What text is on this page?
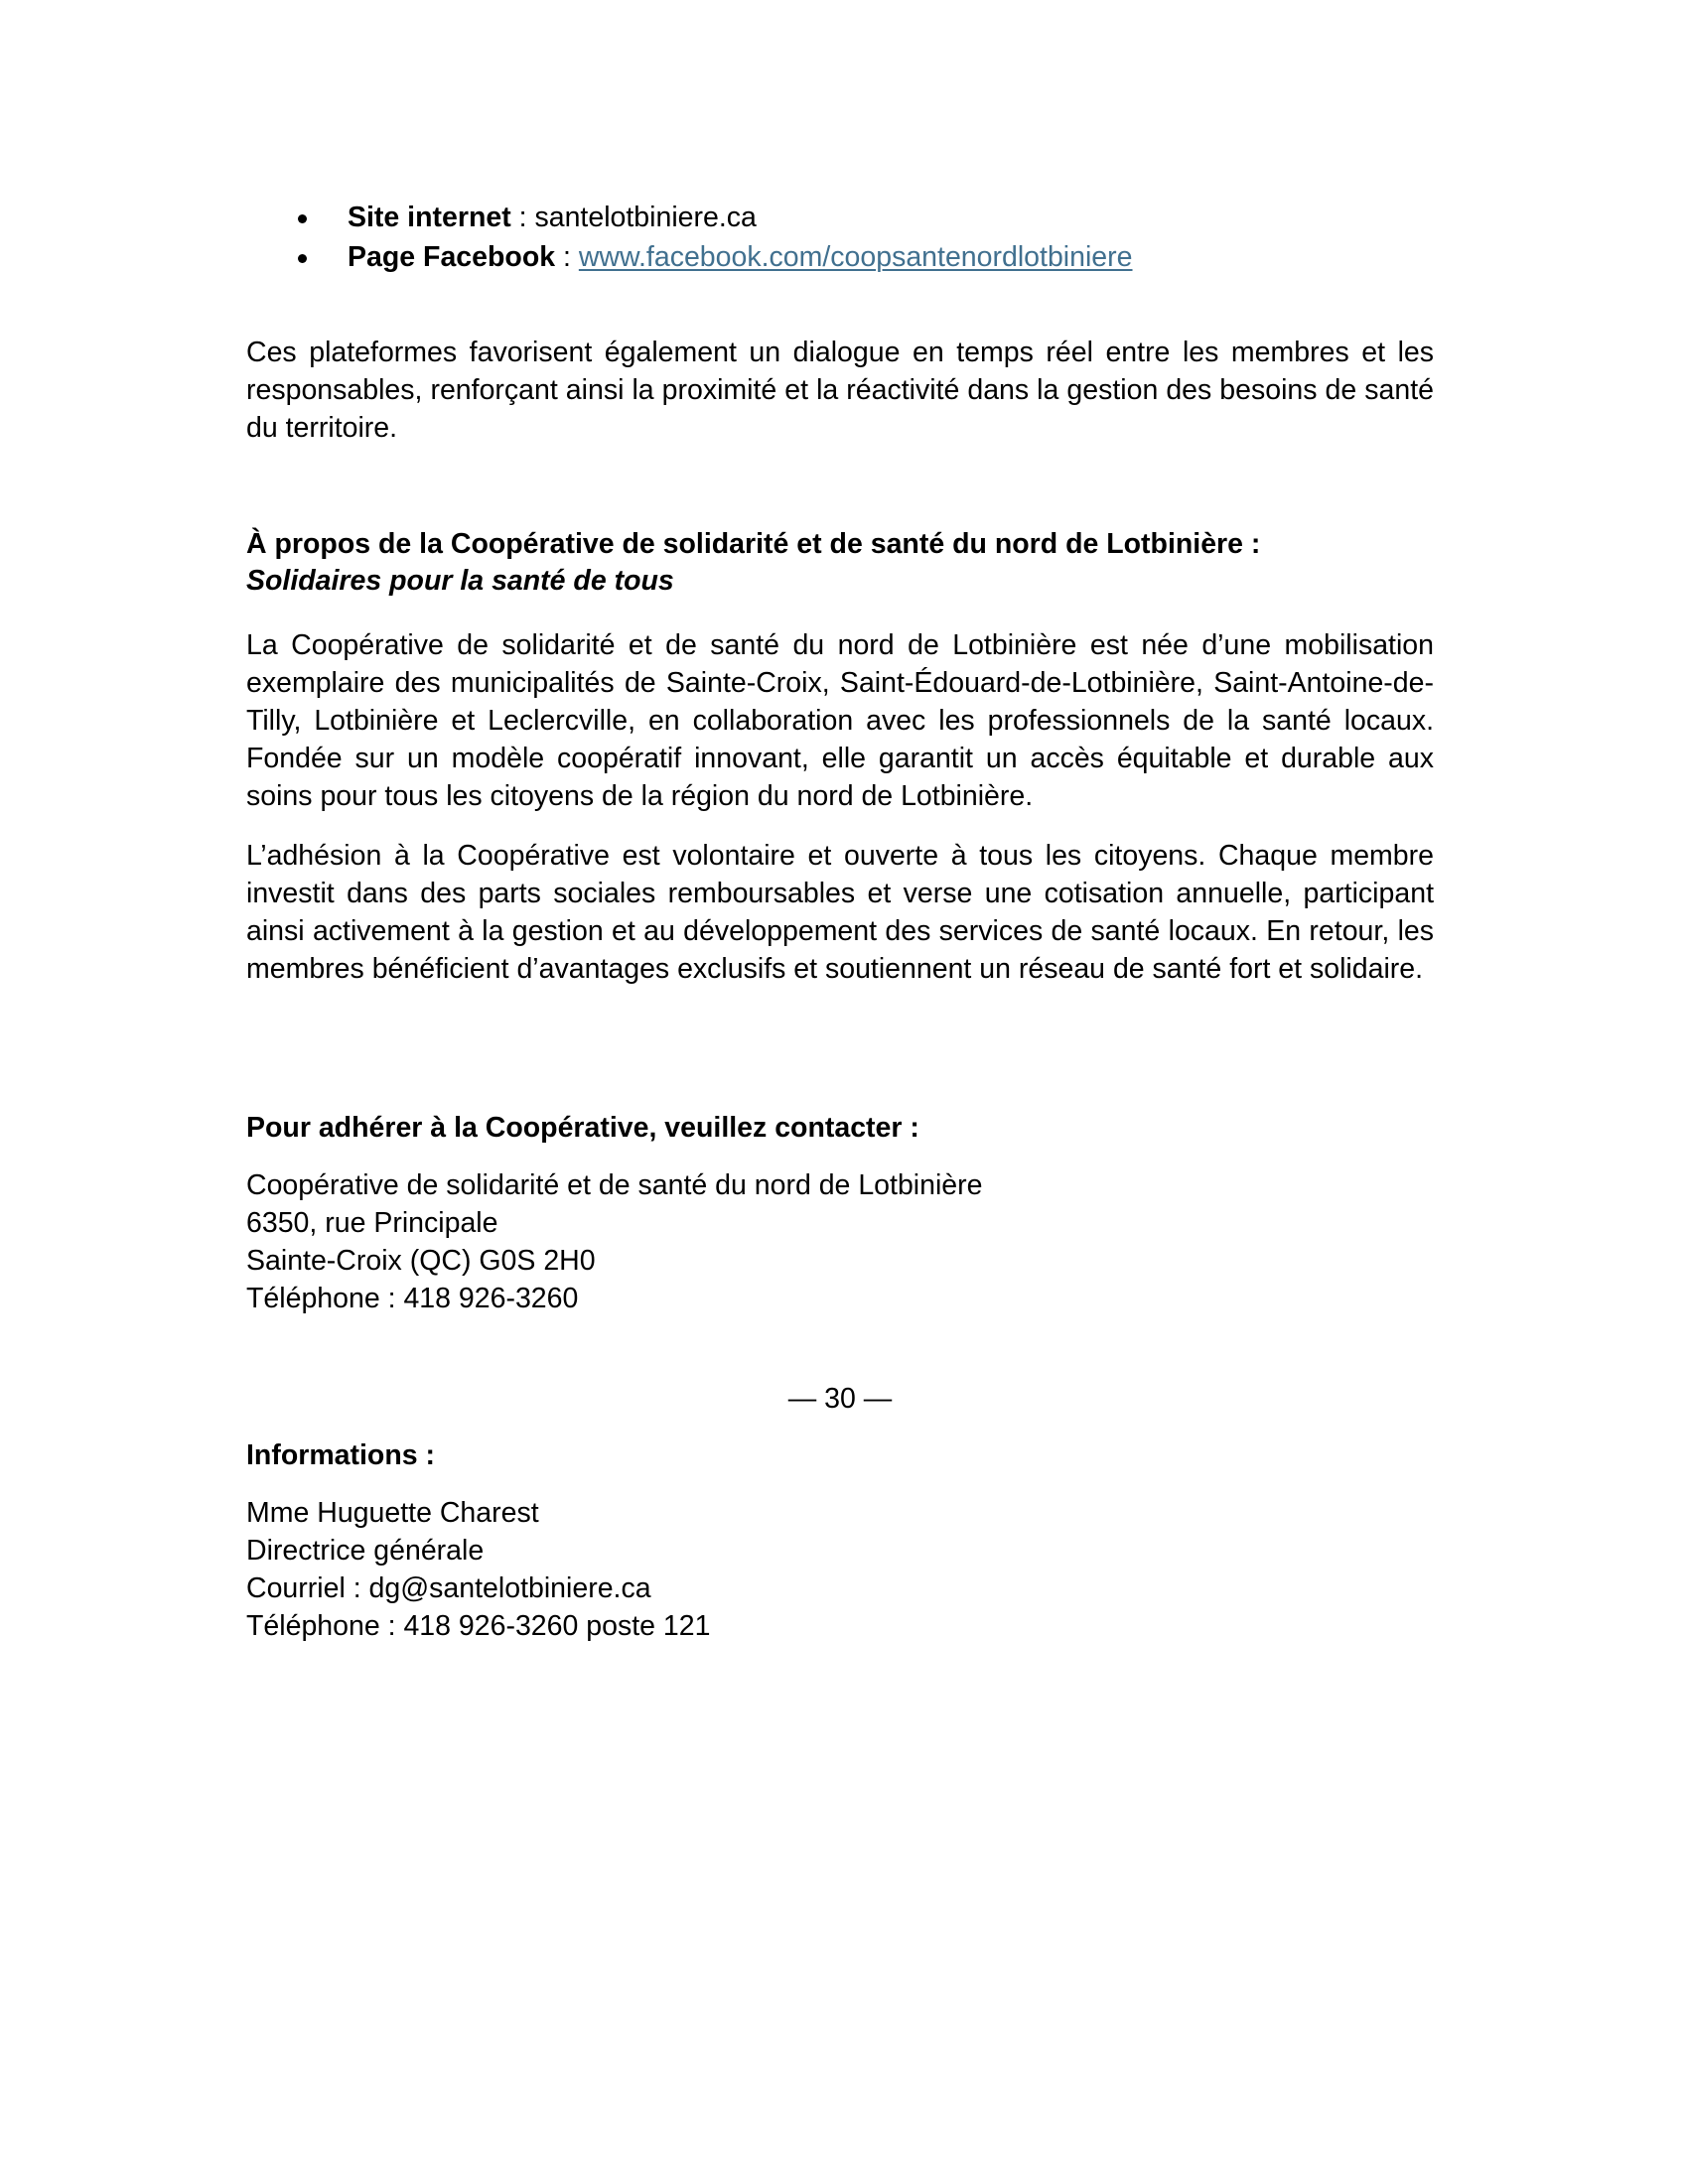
Site internet : santelotbiniere.ca
Page Facebook : www.facebook.com/coopsantenordlotbiniere

Ces plateformes favorisent également un dialogue en temps réel entre les membres et les responsables, renforçant ainsi la proximité et la réactivité dans la gestion des besoins de santé du territoire.

À propos de la Coopérative de solidarité et de santé du nord de Lotbinière :
Solidaires pour la santé de tous

La Coopérative de solidarité et de santé du nord de Lotbinière est née d’une mobilisation exemplaire des municipalités de Sainte-Croix, Saint-Édouard-de-Lotbinière, Saint-Antoine-de-Tilly, Lotbinière et Leclercville, en collaboration avec les professionnels de la santé locaux. Fondée sur un modèle coopératif innovant, elle garantit un accès équitable et durable aux soins pour tous les citoyens de la région du nord de Lotbinière.

L’adhésion à la Coopérative est volontaire et ouverte à tous les citoyens. Chaque membre investit dans des parts sociales remboursables et verse une cotisation annuelle, participant ainsi activement à la gestion et au développement des services de santé locaux. En retour, les membres bénéficient d’avantages exclusifs et soutiennent un réseau de santé fort et solidaire.

Pour adhérer à la Coopérative, veuillez contacter :
Coopérative de solidarité et de santé du nord de Lotbinière
6350, rue Principale
Sainte-Croix (QC) G0S 2H0
Téléphone : 418 926-3260
— 30 —
Informations :
Mme Huguette Charest
Directrice générale
Courriel : dg@santelotbiniere.ca
Téléphone : 418 926-3260 poste 121
